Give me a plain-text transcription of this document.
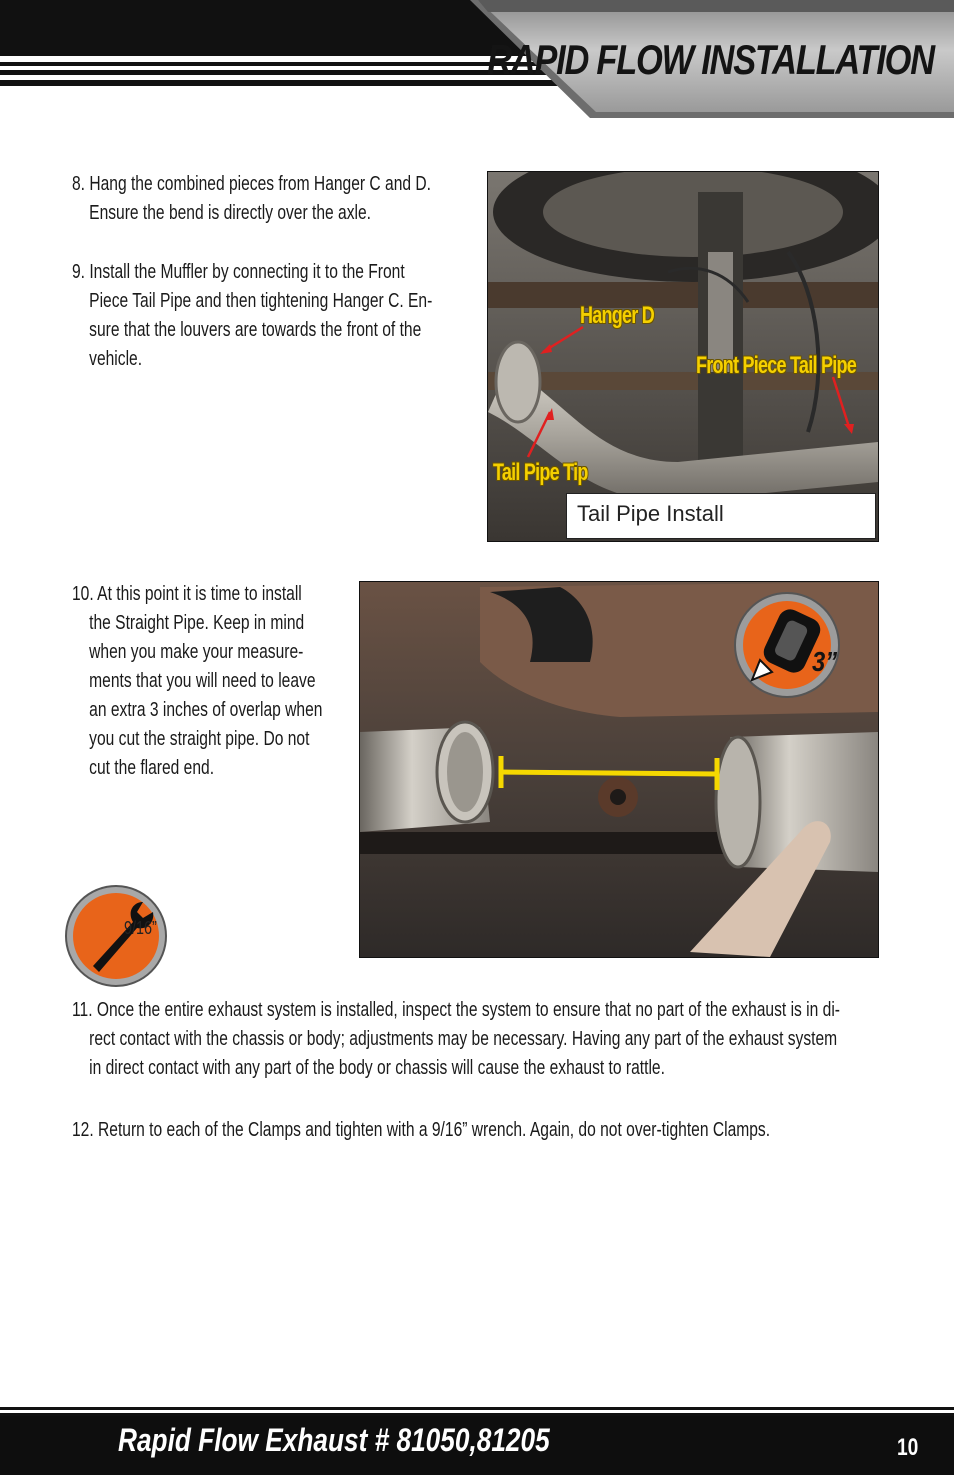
RAPID FLOW INSTALLATION
8. Hang the combined pieces from Hanger C and D.
Ensure the bend is directly over the axle.
9. Install the Muffler by connecting it to the Front
Piece Tail Pipe and then tightening Hanger C. En-
sure that the louvers are towards the front of the
vehicle.
Hanger D
Front Piece Tail Pipe
Tail Pipe Tip
Tail Pipe Install
10. At this point it is time to install
the Straight Pipe. Keep in mind
when you make your measure-
ments that you will need to leave
an extra 3 inches of overlap when
you cut the straight pipe. Do not
cut the flared end.
3”
9/16”
11. Once the entire exhaust system is installed, inspect the system to ensure that no part of the exhaust is in di-
rect contact with the chassis or body; adjustments may be necessary. Having any part of the exhaust system
in direct contact with any part of the body or chassis will cause the exhaust to rattle.
12. Return to each of the Clamps and tighten with a 9/16” wrench. Again, do not over-tighten Clamps.
Rapid Flow Exhaust # 81050,81205	10
